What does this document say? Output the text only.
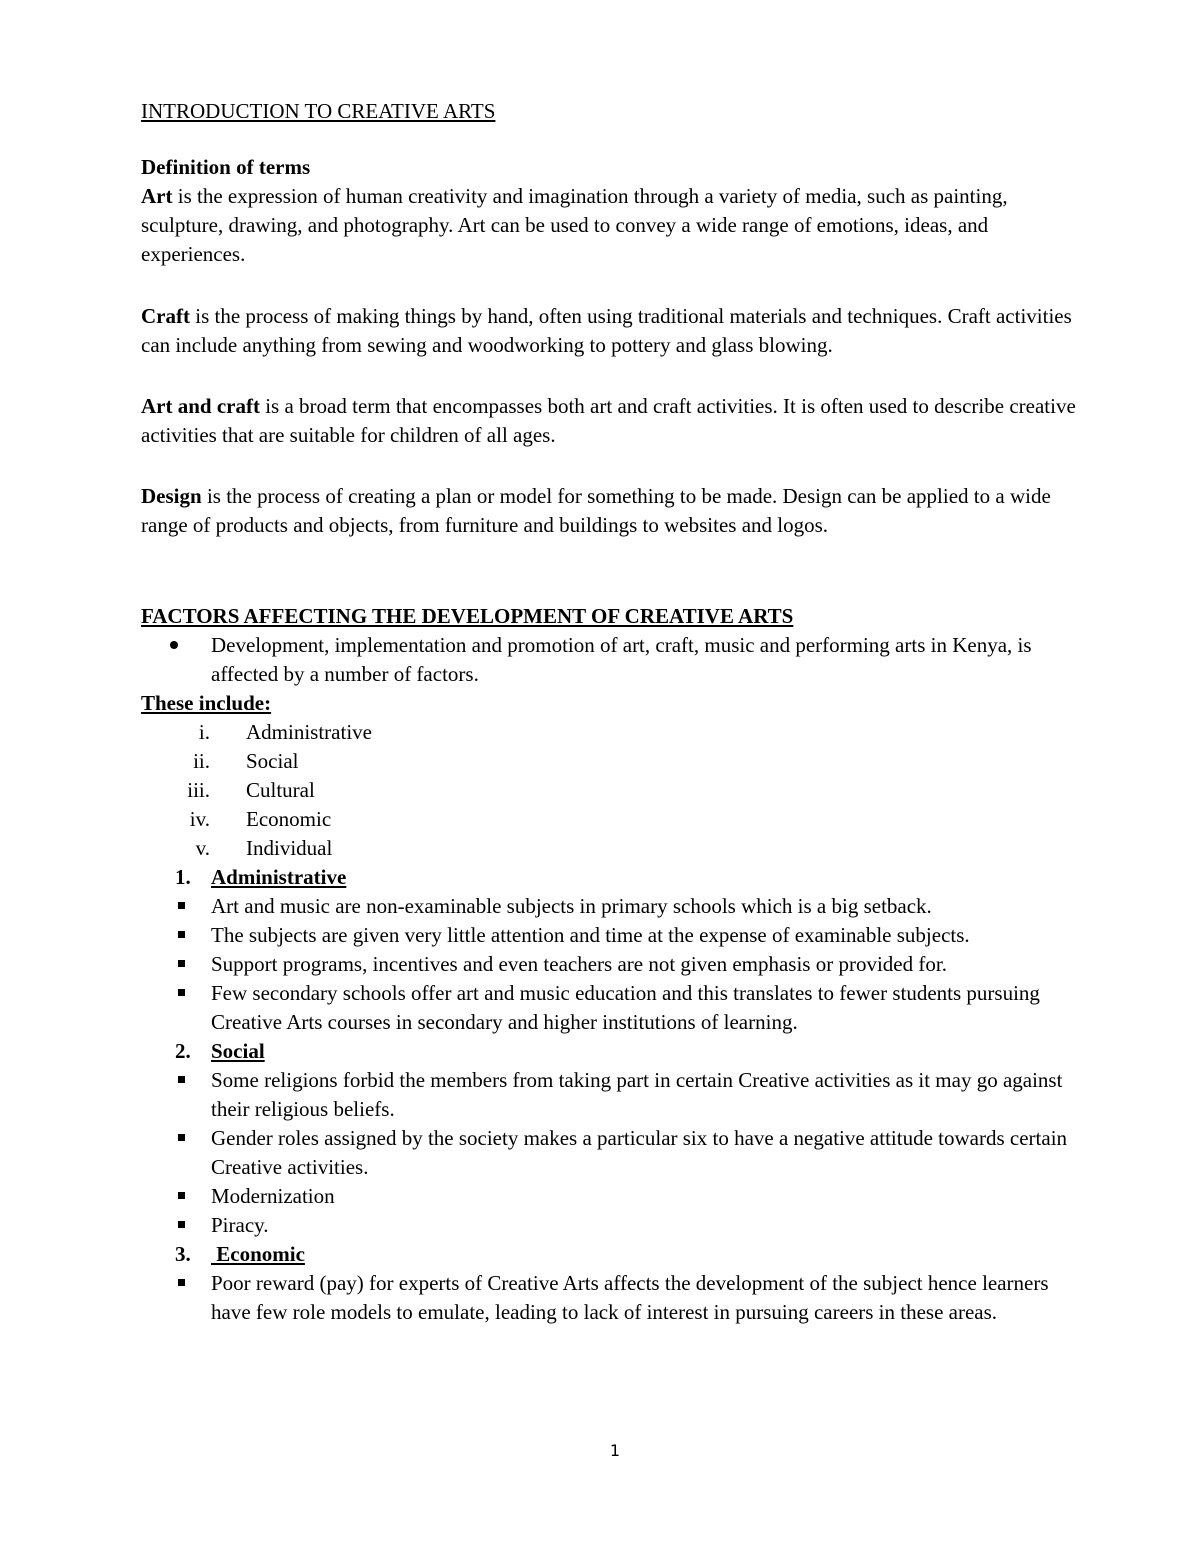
INTRODUCTION TO CREATIVE ARTS

Definition of terms

Art is the expression of human creativity and imagination through a variety of media, such as painting, sculpture, drawing, and photography. Art can be used to convey a wide range of emotions, ideas, and experiences.

Craft is the process of making things by hand, often using traditional materials and techniques. Craft activities can include anything from sewing and woodworking to pottery and glass blowing.

Art and craft is a broad term that encompasses both art and craft activities. It is often used to describe creative activities that are suitable for children of all ages.

Design is the process of creating a plan or model for something to be made. Design can be applied to a wide range of products and objects, from furniture and buildings to websites and logos.

FACTORS AFFECTING THE DEVELOPMENT OF CREATIVE ARTS

Development, implementation and promotion of art, craft, music and performing arts in Kenya, is affected by a number of factors.

These include:

i.	Administrative
ii.	Social
iii.	Cultural
iv.	Economic
v.	Individual
1. Administrative
Art and music are non-examinable subjects in primary schools which is a big setback.
The subjects are given very little attention and time at the expense of examinable subjects.
Support programs, incentives and even teachers are not given emphasis or provided for.
Few secondary schools offer art and music education and this translates to fewer students pursuing Creative Arts courses in secondary and higher institutions of learning.
2. Social
Some religions forbid the members from taking part in certain Creative activities as it may go against their religious beliefs.
Gender roles assigned by the society makes a particular six to have a negative attitude towards certain Creative activities.
Modernization
Piracy.
3. Economic
Poor reward (pay) for experts of Creative Arts affects the development of the subject hence learners have few role models to emulate, leading to lack of interest in pursuing careers in these areas.
1
